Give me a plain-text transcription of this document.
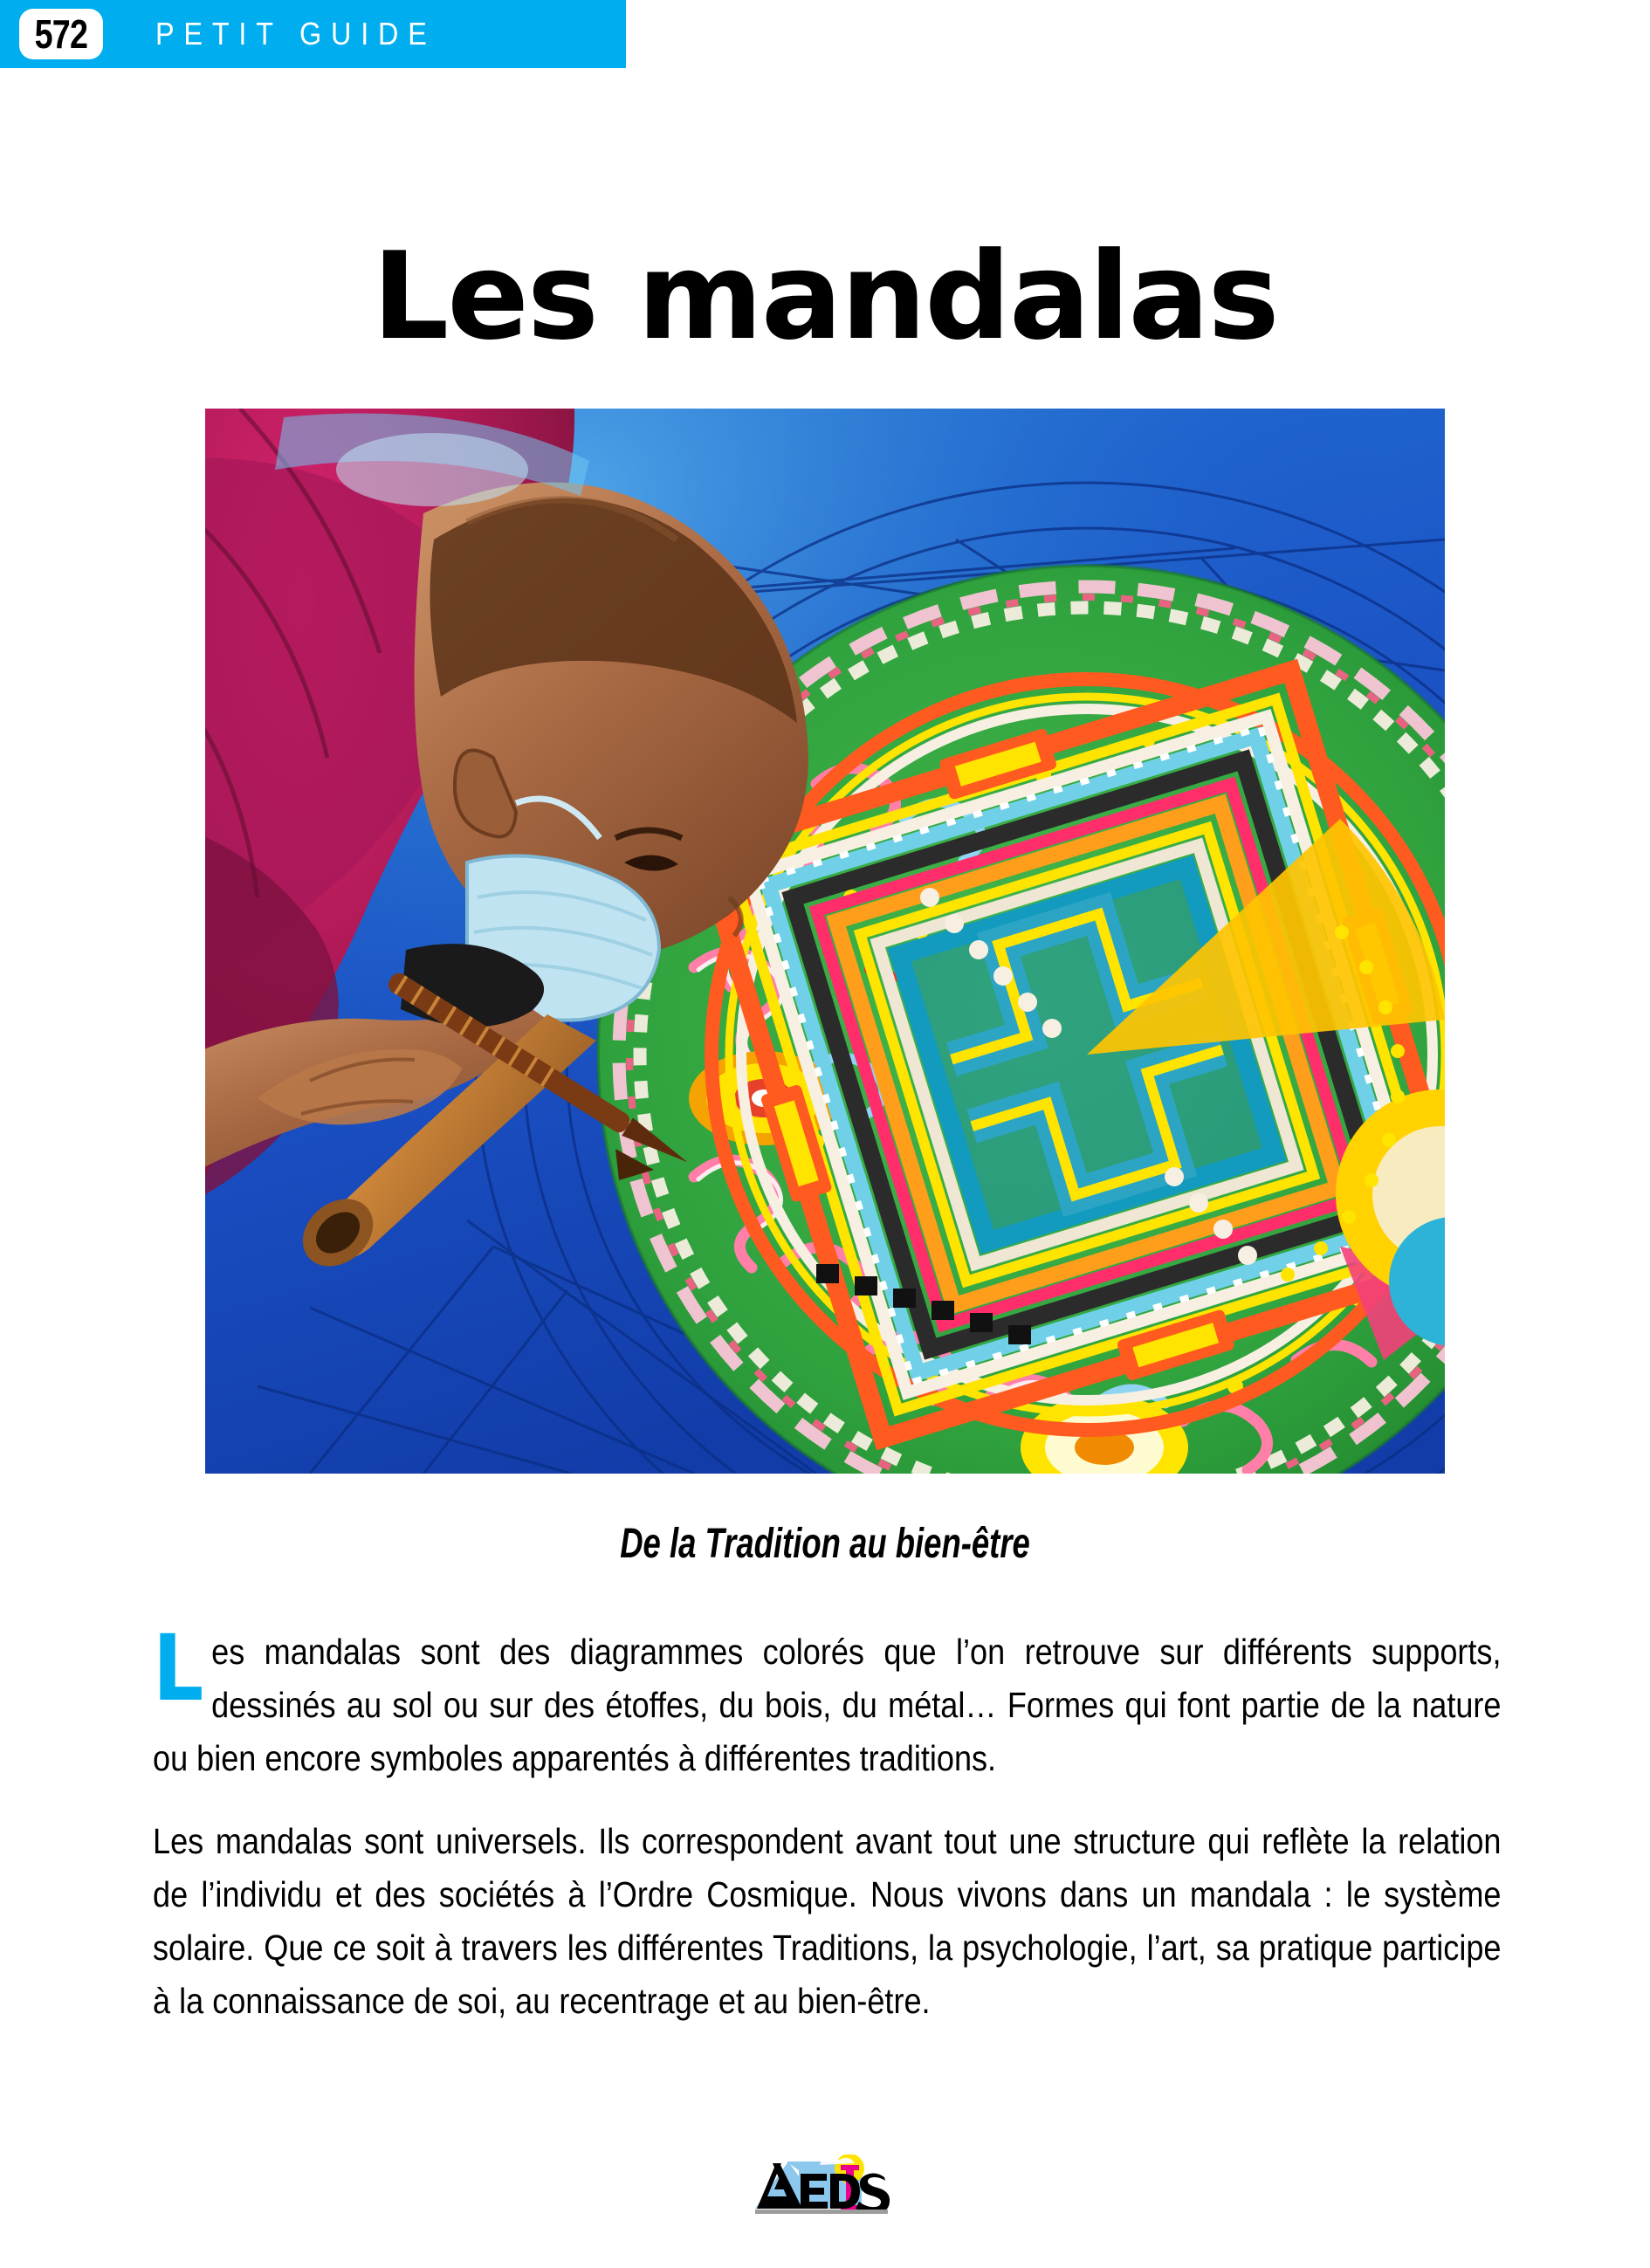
572 PETIT GUIDE
Les mandalas
De la Tradition au bien-être

Les mandalas sont des diagrammes colorés que l’on retrouve sur différents supports, dessinés au sol ou sur des étoffes, du bois, du métal… Formes qui font partie de la nature ou bien encore symboles apparentés à différentes traditions.

Les mandalas sont universels. Ils correspondent avant tout une structure qui reflète la relation de l’individu et des sociétés à l’Ordre Cosmique. Nous vivons dans un mandala : le système solaire. Que ce soit à travers les différentes Traditions, la psychologie, l’art, sa pratique participe à la connaissance de soi, au recentrage et au bien-être.
